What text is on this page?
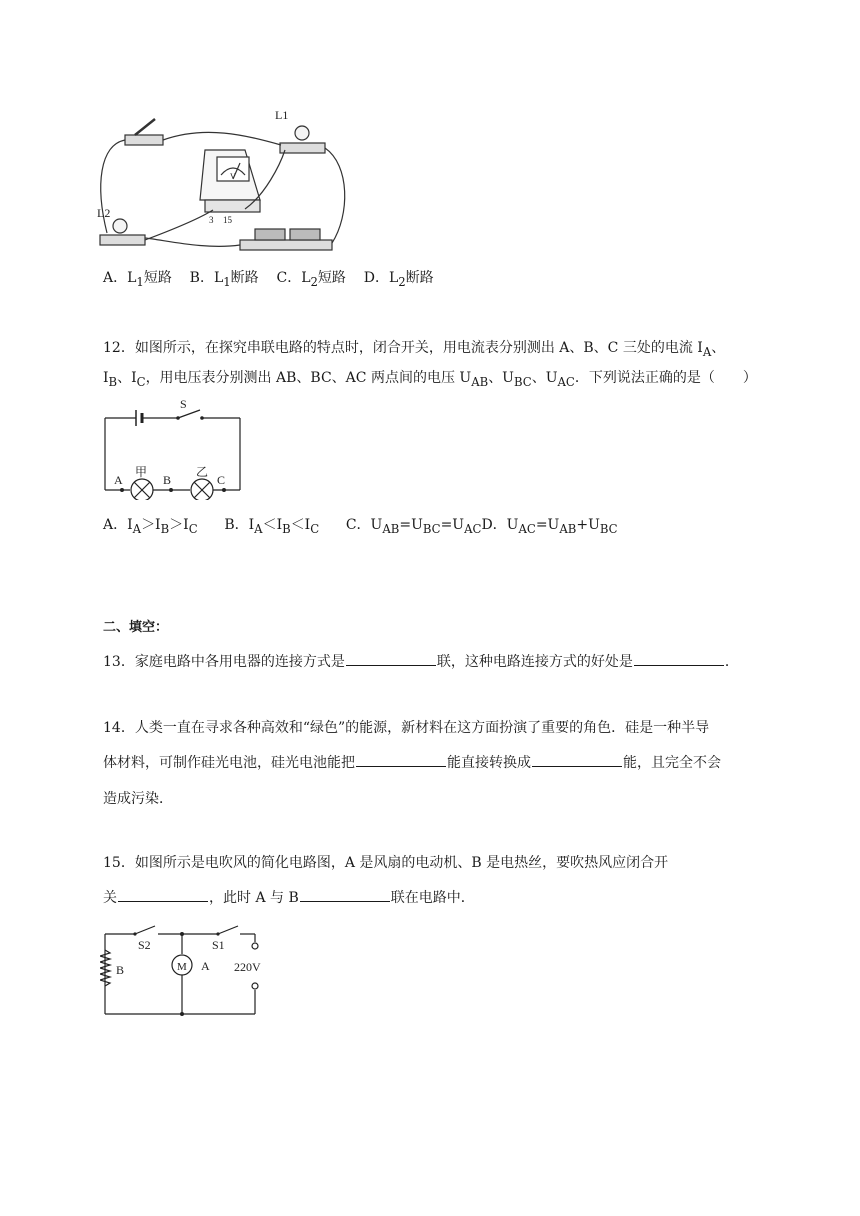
L1
L2
V
3 15
A．$L_1$短路 B．$L_1$断路 C．$L_2$短路 D．$L_2$断路
12．如图所示，在探究串联电路的特点时，闭合开关，用电流表分别测出 A、B、C 三处的电流 $I_A$、
$I_B$、$I_C$，用电压表分别测出 AB、BC、AC 两点间的电压 $U_{AB}$、$U_{BC}$、$U_{AC}$．下列说法正确的是（　　）
S
A
甲
B
乙
C
A．$I_A>I_B>I_C$ B．$I_A<I_B<I_C$ C．$U_{AB}=U_{BC}=U_{AC}D$．$U_{AC}=U_{AB}+U_{BC}$
二、填空：
13．家庭电路中各用电器的连接方式是	联，这种电路连接方式的好处是	．
14．人类一直在寻求各种高效和“绿色”的能源，新材料在这方面扮演了重要的角色．硅是一种半导
体材料，可制作硅光电池，硅光电池能把	能直接转换成	能，且完全不会
造成污染．
15．如图所示是电吹风的简化电路图，A 是风扇的电动机、B 是电热丝，要吹热风应闭合开
关	，此时 A 与 B	联在电路中．
S2	S1
B	M A 220V
